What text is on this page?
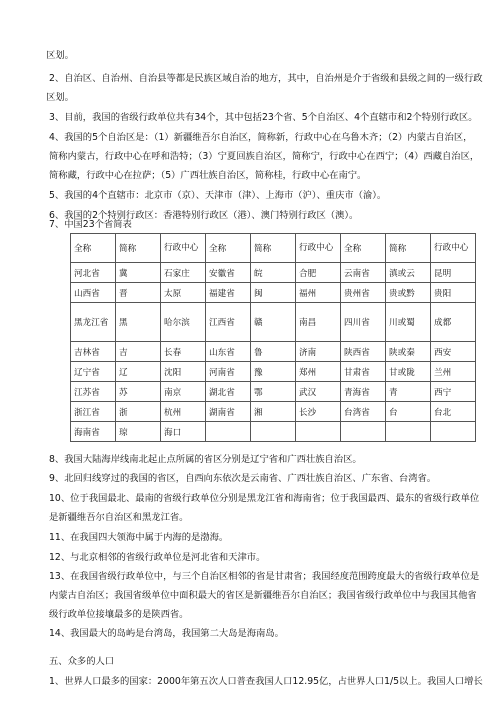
区划。
2、自治区、自治州、自治县等都是民族区域自治的地方，其中，自治州是介于省级和县级之间的一级行政
区划。
3、目前，我国的省级行政单位共有34个，其中包括23个省、5个自治区、4个直辖市和2个特别行政区。
4、我国的5个自治区是：（1）新疆维吾尔自治区，简称新，行政中心在乌鲁木齐；（2）内蒙古自治区，
简称内蒙古，行政中心在呼和浩特；（3）宁夏回族自治区，简称宁，行政中心在西宁；（4）西藏自治区，
简称藏，行政中心在拉萨；（5）广西壮族自治区，简称桂，行政中心在南宁。
5、我国的4个直辖市：北京市（京）、天津市（津）、上海市（沪）、重庆市（渝）。
6、我国的2个特别行政区：香港特别行政区（港）、澳门特别行政区（澳）。
7、中国23个省简表
全称	简称	行政中心	全称	简称	行政中心	全称	简称	行政中心
河北省	冀	石家庄	安徽省	皖	合肥	云南省	滇或云	昆明
山西省	晋	太原	福建省	闽	福州	贵州省	贵或黔	贵阳
黑龙江省	黑	哈尔滨	江西省	赣	南昌	四川省	川或蜀	成都
吉林省	吉	长春	山东省	鲁	济南	陕西省	陕或秦	西安
辽宁省	辽	沈阳	河南省	豫	郑州	甘肃省	甘或陇	兰州
江苏省	苏	南京	湖北省	鄂	武汉	青海省	青	西宁
浙江省	浙	杭州	湖南省	湘	长沙	台湾省	台	台北
海南省	琼	海口						
8、我国大陆海岸线南北起止点所属的省区分别是辽宁省和广西壮族自治区。
9、北回归线穿过的我国的省区，自西向东依次是云南省、广西壮族自治区、广东省、台湾省。
10、位于我国最北、最南的省级行政单位分别是黑龙江省和海南省；位于我国最西、最东的省级行政单位
是新疆维吾尔自治区和黑龙江省。
11、在我国四大领海中属于内海的是渤海。
12、与北京相邻的省级行政单位是河北省和天津市。
13、在我国省级行政单位中，与三个自治区相邻的省是甘肃省；我国经度范围跨度最大的省级行政单位是
内蒙古自治区；我国省级单位中面积最大的省区是新疆维吾尔自治区；我国省级行政单位中与我国其他省
级行政单位接壤最多的是陕西省。
14、我国最大的岛屿是台湾岛，我国第二大岛是海南岛。
五、众多的人口
1、世界人口最多的国家：2000年第五次人口普查我国人口12.95亿，占世界人口1/5以上。我国人口增长
